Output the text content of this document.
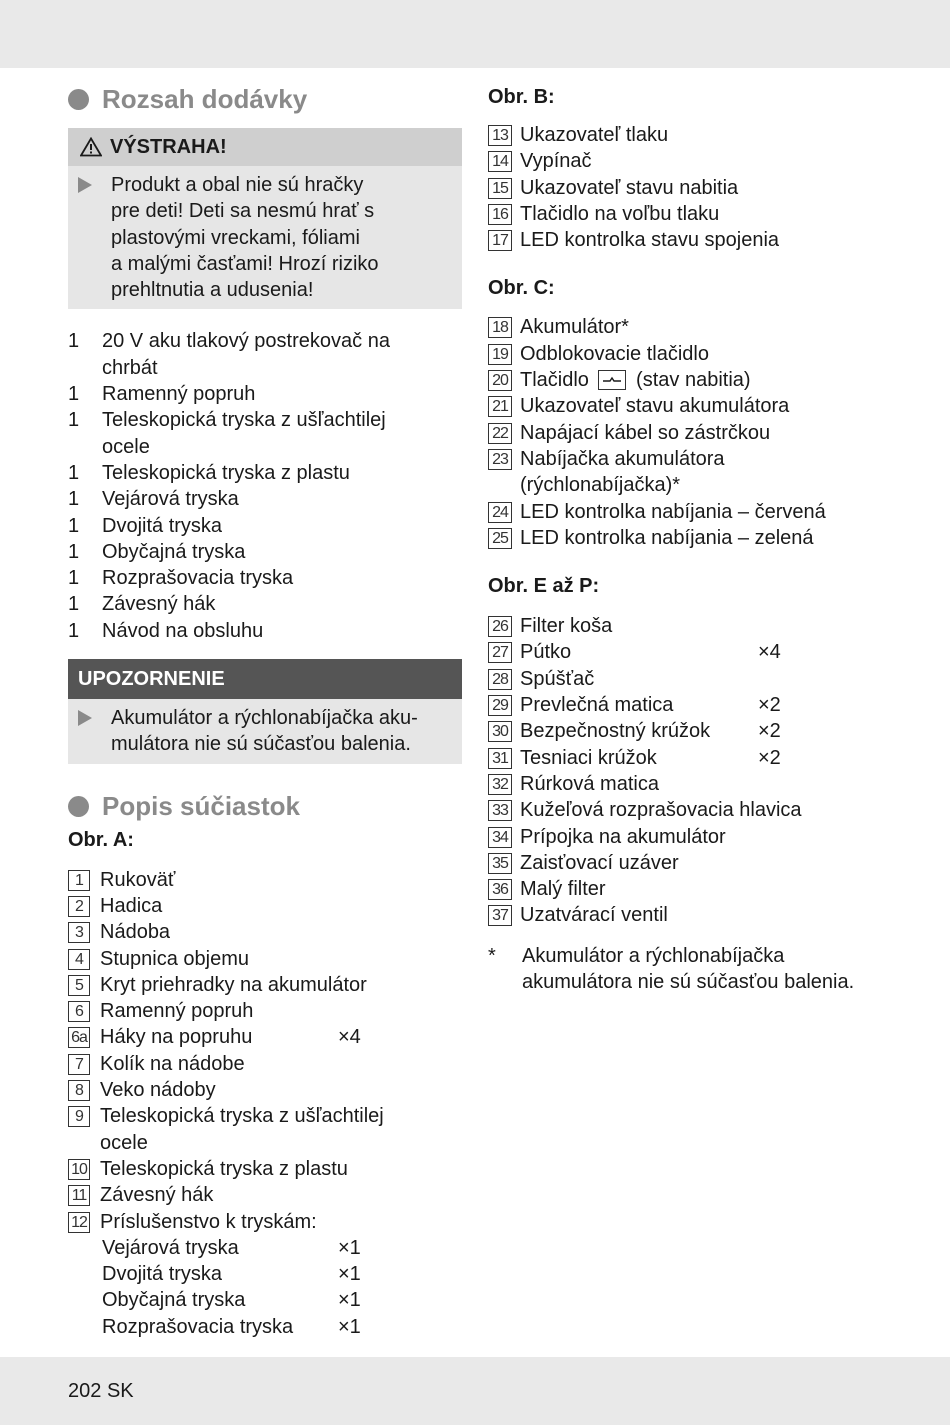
Rozsah dodávky
VÝSTRAHA!
Produkt a obal nie sú hračky
pre deti! Deti sa nesmú hrať s
plastovými vreckami, fóliami
a malými časťami! Hrozí riziko
prehltnutia a udusenia!
1	20 V aku tlakový postrekovač na
chrbát
1	Ramenný popruh
1	Teleskopická tryska z ušľachtilej
ocele
1	Teleskopická tryska z plastu
1	Vejárová tryska
1	Dvojitá tryska
1	Obyčajná tryska
1	Rozprašovacia tryska
1	Závesný hák
1	Návod na obsluhu
UPOZORNENIE
Akumulátor a rýchlonabíjačka aku-
mulátora nie sú súčasťou balenia.
Popis súčiastok
Obr. A:
1 Rukoväť
2 Hadica
3 Nádoba
4 Stupnica objemu
5 Kryt priehradky na akumulátor
6 Ramenný popruh
6a Háky na popruhu	×4
7 Kolík na nádobe
8 Veko nádoby
9 Teleskopická tryska z ušľachtilej
ocele
10 Teleskopická tryska z plastu
11 Závesný hák
12 Príslušenstvo k tryskám:
Vejárová tryska	×1
Dvojitá tryska	×1
Obyčajná tryska	×1
Rozprašovacia tryska ×1
Obr. B:
13 Ukazovateľ tlaku
14 Vypínač
15 Ukazovateľ stavu nabitia
16 Tlačidlo na voľbu tlaku
17 LED kontrolka stavu spojenia
Obr. C:
18 Akumulátor*
19 Odblokovacie tlačidlo
20 Tlačidlo (stav nabitia)
21 Ukazovateľ stavu akumulátora
22 Napájací kábel so zástrčkou
23 Nabíjačka akumulátora
(rýchlonabíjačka)*
24 LED kontrolka nabíjania – červená
25 LED kontrolka nabíjania – zelená
Obr. E až P:
26 Filter koša
27 Pútko	×4
28 Spúšťač
29 Prevlečná matica	×2
30 Bezpečnostný krúžok ×2
31 Tesniaci krúžok	×2
32 Rúrková matica
33 Kužeľová rozprašovacia hlavica
34 Prípojka na akumulátor
35 Zaisťovací uzáver
36 Malý filter
37 Uzatvárací ventil
*	Akumulátor a rýchlonabíjačka
akumulátora nie sú súčasťou balenia.
202 SK
